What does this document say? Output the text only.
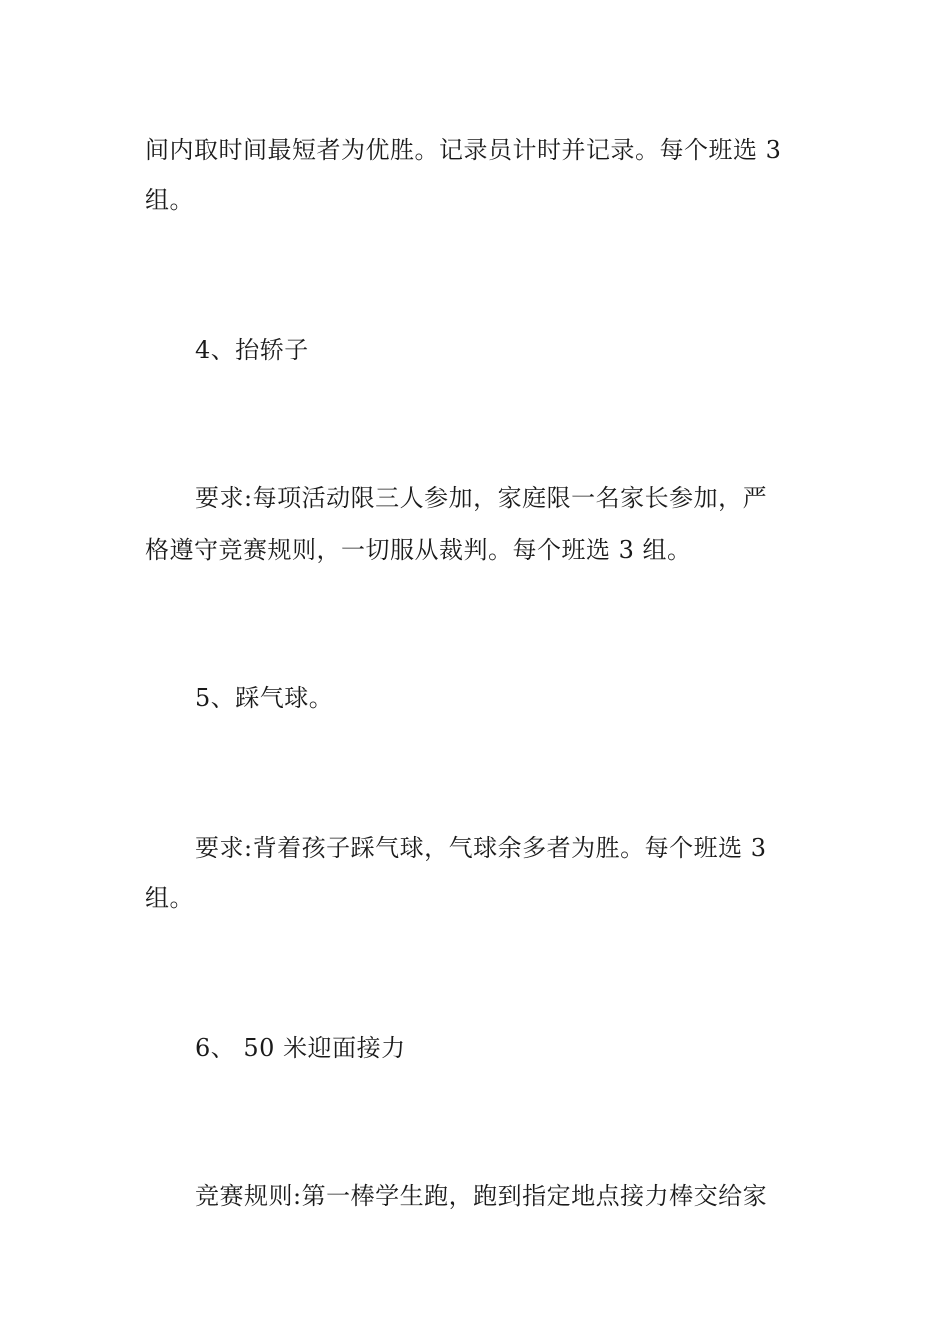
间内取时间最短者为优胜。记录员计时并记录。每个班选 3
组。
4、抬轿子
要求:每项活动限三人参加，家庭限一名家长参加，严
格遵守竞赛规则，一切服从裁判。每个班选 3 组。
5、踩气球。
要求:背着孩子踩气球，气球余多者为胜。每个班选 3
组。
6、 50 米迎面接力
竞赛规则:第一棒学生跑，跑到指定地点接力棒交给家
